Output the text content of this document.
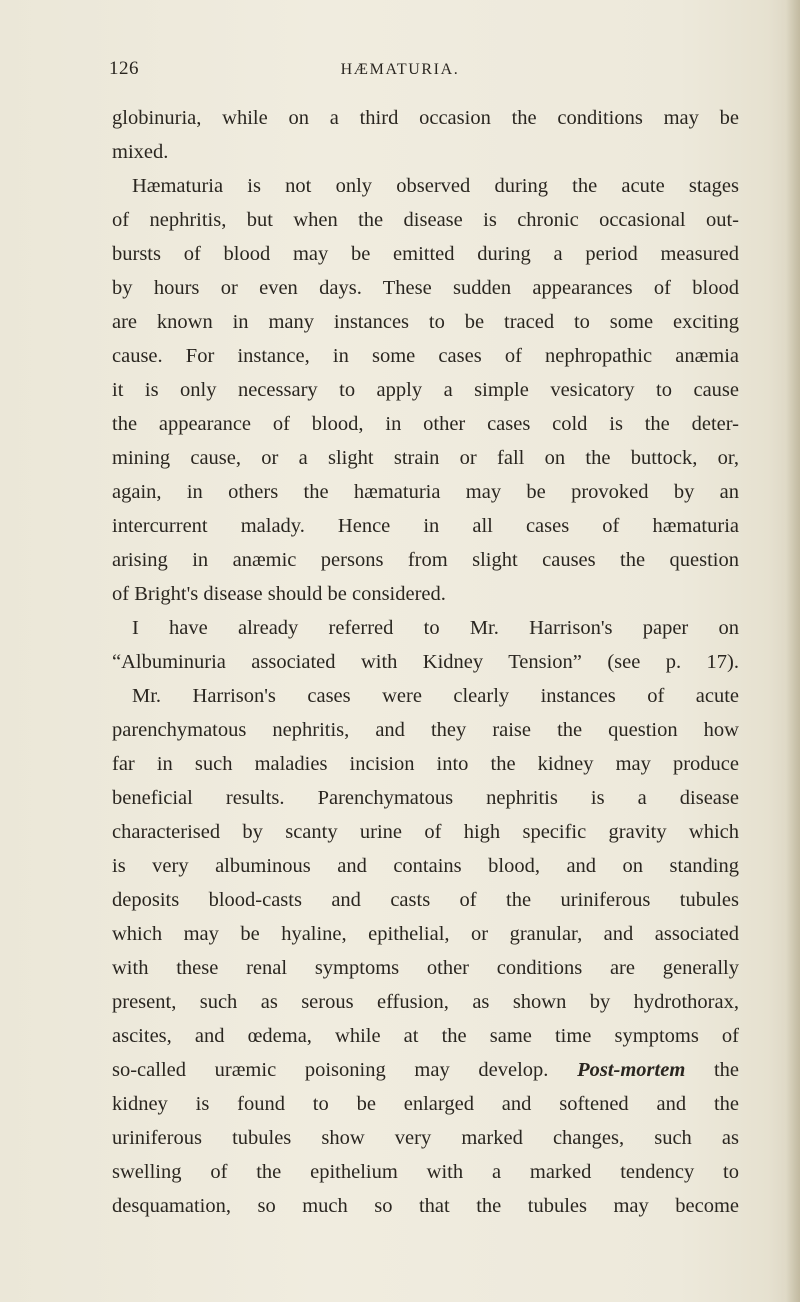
126	HÆMATURIA.
globinuria, while on a third occasion the conditions may be
mixed.
Hæmaturia is not only observed during the acute stages
of nephritis, but when the disease is chronic occasional out-
bursts of blood may be emitted during a period measured
by hours or even days. These sudden appearances of blood
are known in many instances to be traced to some exciting
cause. For instance, in some cases of nephropathic anæmia
it is only necessary to apply a simple vesicatory to cause
the appearance of blood, in other cases cold is the deter-
mining cause, or a slight strain or fall on the buttock, or,
again, in others the hæmaturia may be provoked by an
intercurrent malady. Hence in all cases of hæmaturia
arising in anæmic persons from slight causes the question
of Bright's disease should be considered.
I have already referred to Mr. Harrison's paper on
“Albuminuria associated with Kidney Tension” (see p. 17).
Mr. Harrison's cases were clearly instances of acute
parenchymatous nephritis, and they raise the question how
far in such maladies incision into the kidney may produce
beneficial results. Parenchymatous nephritis is a disease
characterised by scanty urine of high specific gravity which
is very albuminous and contains blood, and on standing
deposits blood-casts and casts of the uriniferous tubules
which may be hyaline, epithelial, or granular, and associated
with these renal symptoms other conditions are generally
present, such as serous effusion, as shown by hydrothorax,
ascites, and œdema, while at the same time symptoms of
so-called uræmic poisoning may develop. Post-mortem the
kidney is found to be enlarged and softened and the
uriniferous tubules show very marked changes, such as
swelling of the epithelium with a marked tendency to
desquamation, so much so that the tubules may become
